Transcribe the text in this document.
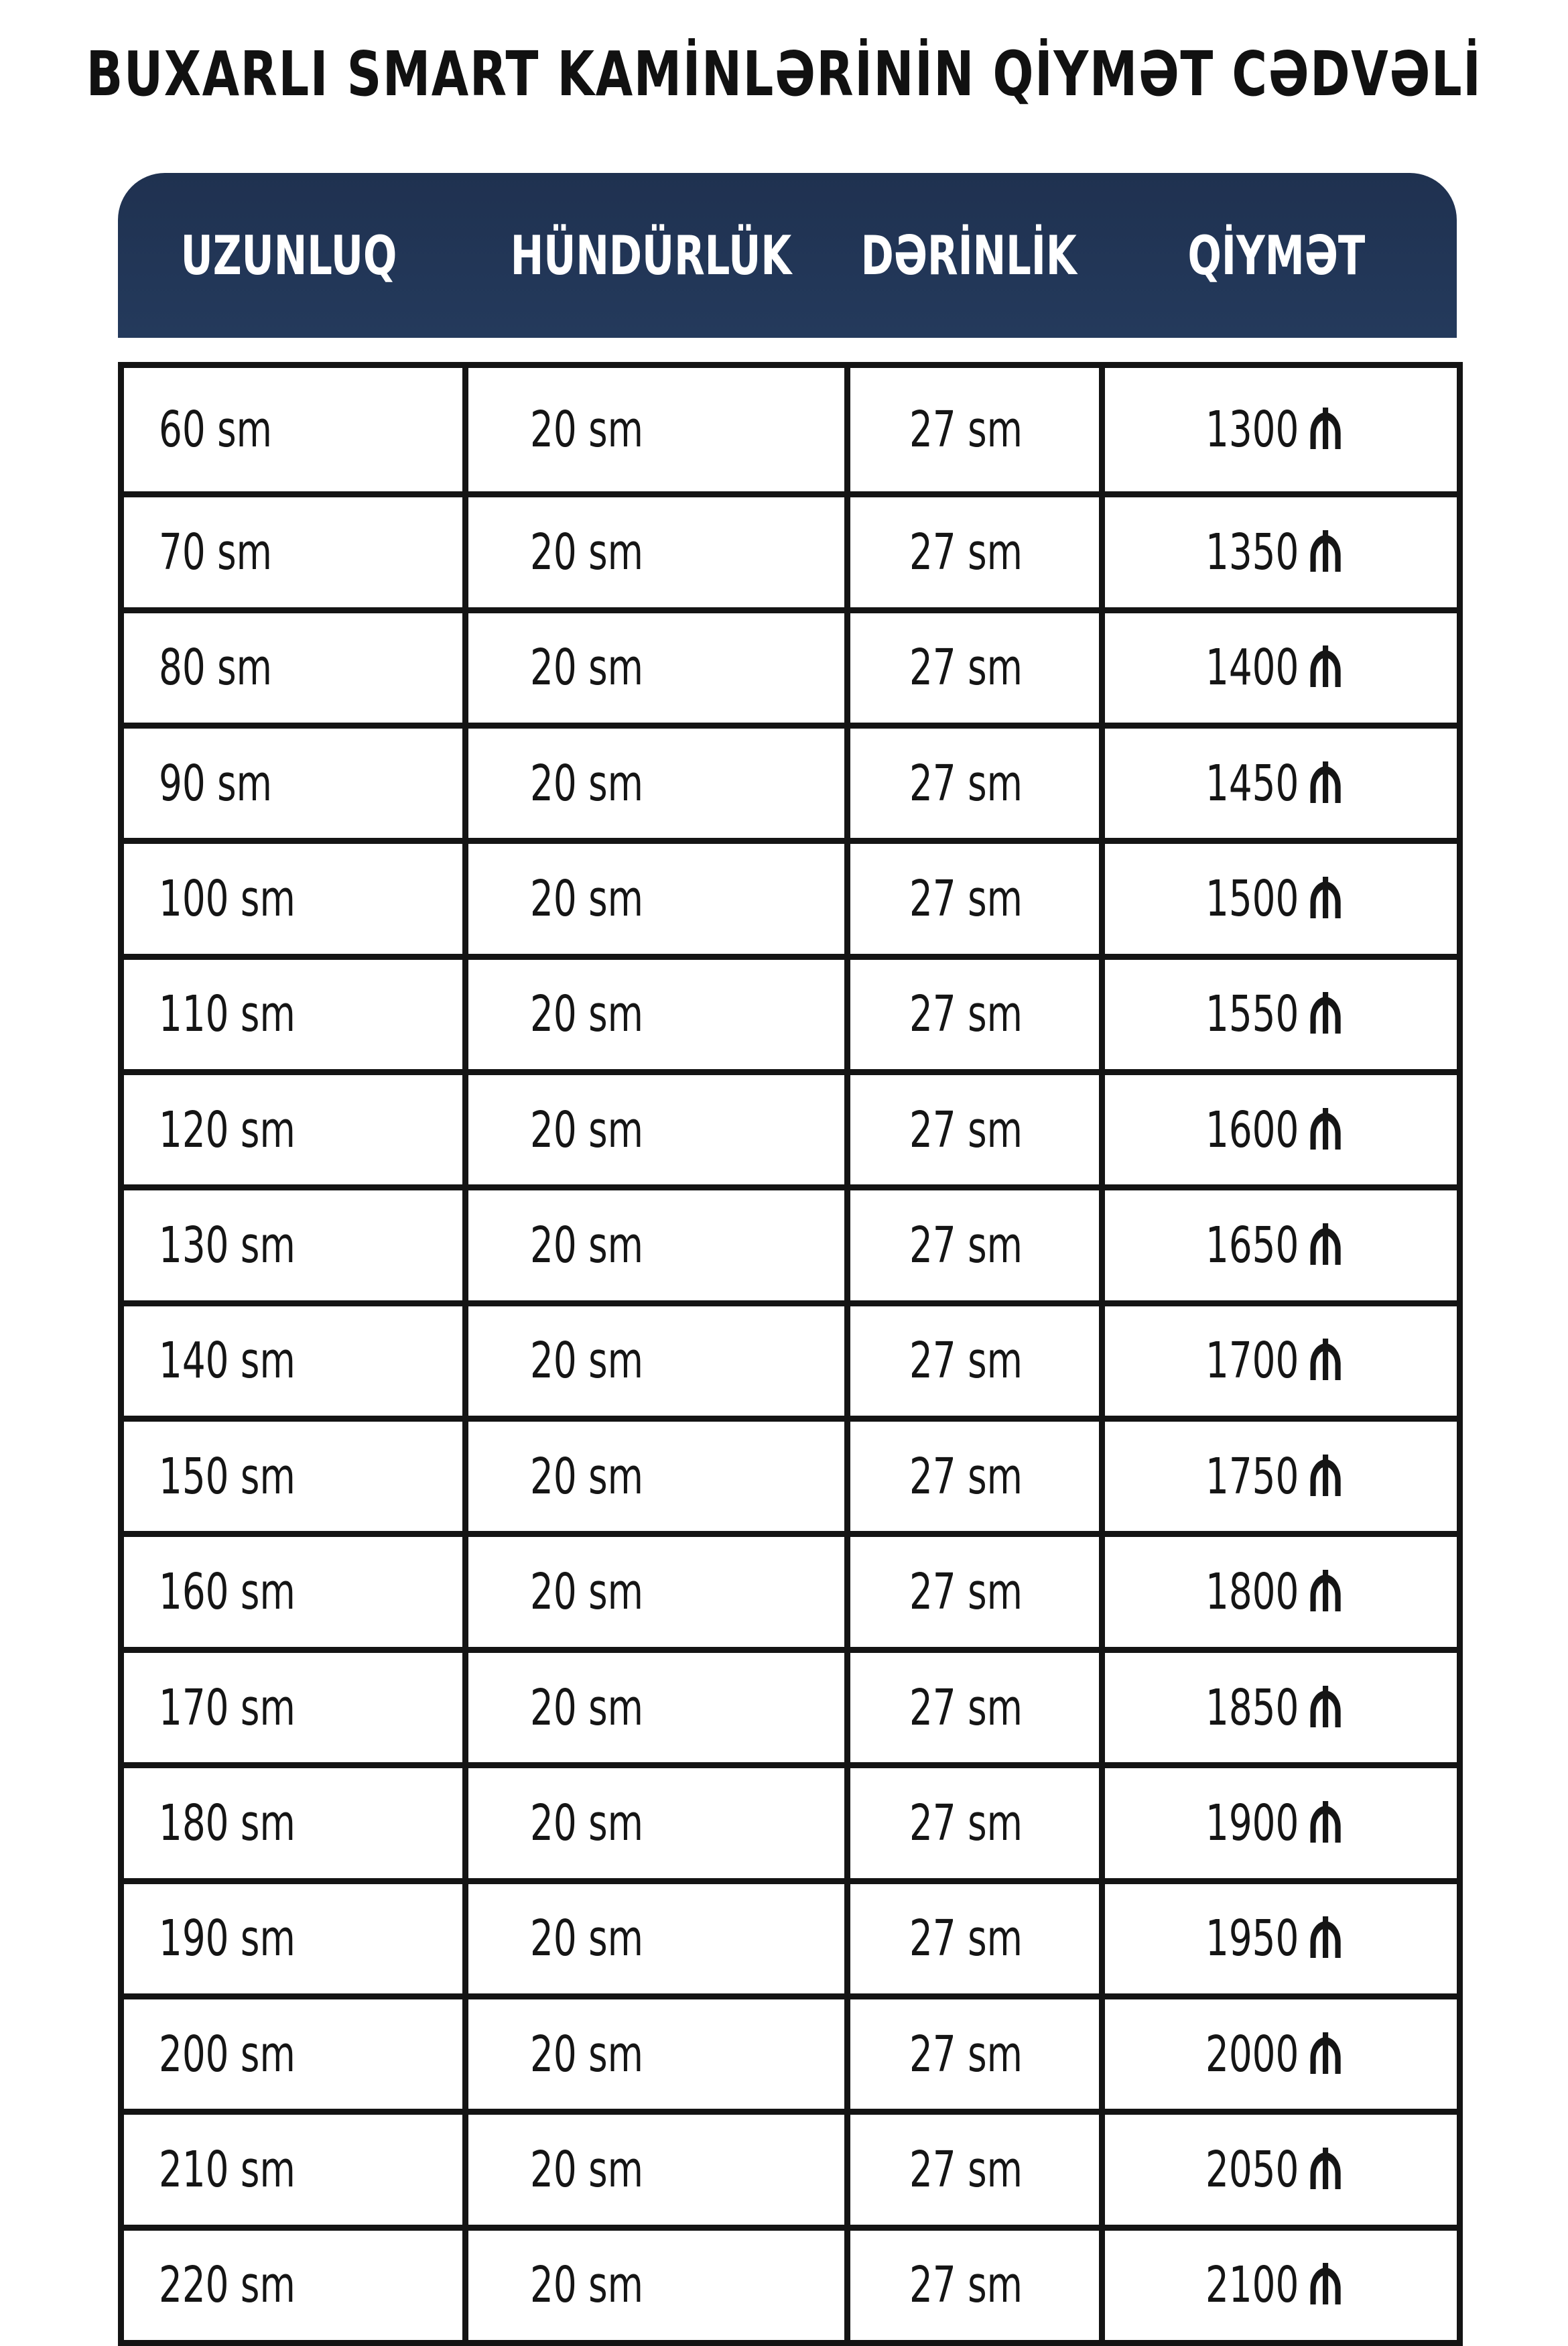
BUXARLI SMART KAMİNLƏRİNİN QİYMƏT CƏDVƏLİ
UZUNLUQ HÜNDÜRLÜK DƏRİNLİK QİYMƏT
60 sm	20 sm	27 sm	1300
70 sm	20 sm	27 sm	1350
80 sm	20 sm	27 sm	1400
90 sm	20 sm	27 sm	1450
100 sm	20 sm	27 sm	1500
110 sm	20 sm	27 sm	1550
120 sm	20 sm	27 sm	1600
130 sm	20 sm	27 sm	1650
140 sm	20 sm	27 sm	1700
150 sm	20 sm	27 sm	1750
160 sm	20 sm	27 sm	1800
170 sm	20 sm	27 sm	1850
180 sm	20 sm	27 sm	1900
190 sm	20 sm	27 sm	1950
200 sm	20 sm	27 sm	2000
210 sm	20 sm	27 sm	2050
220 sm	20 sm	27 sm	2100
